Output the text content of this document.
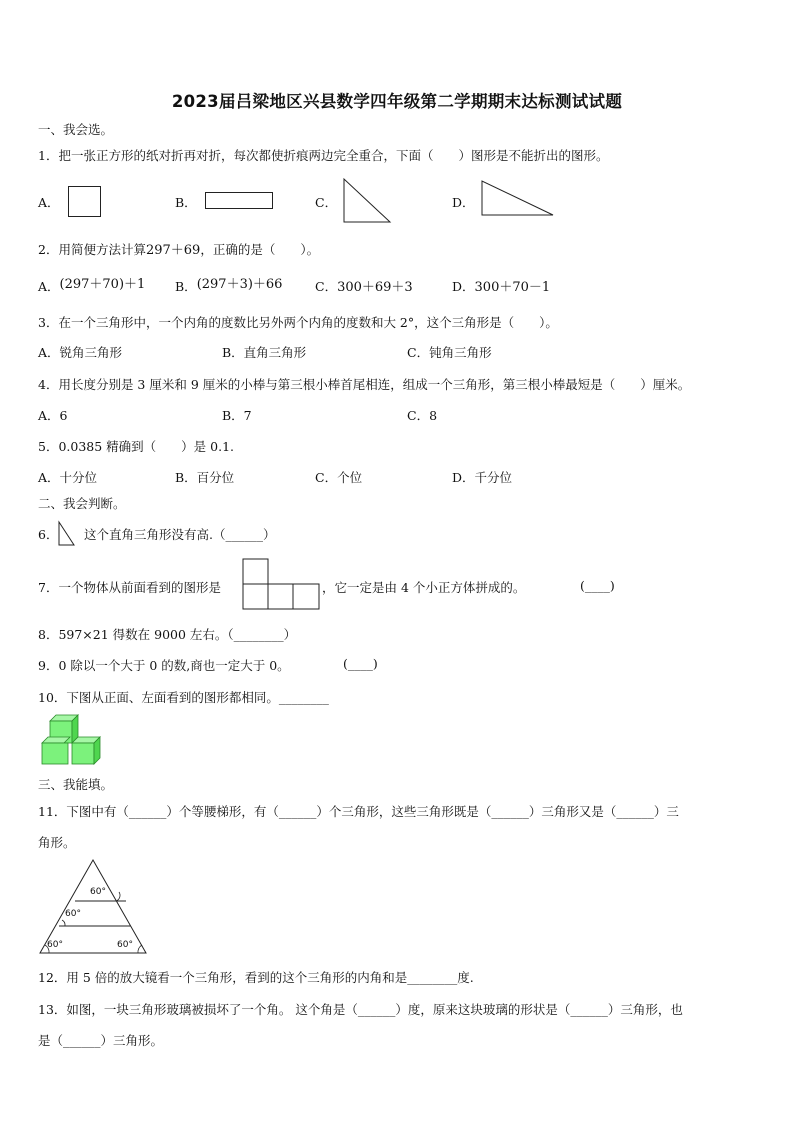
2023届吕梁地区兴县数学四年级第二学期期末达标测试试题
一、我会选。
1．把一张正方形的纸对折再对折，每次都使折痕两边完全重合，下面（　　）图形是不能折出的图形。
A．	B．	C．	D．
2．用简便方法计算297＋69，正确的是（　　）。
A．(297＋70)＋1 B．(297＋3)＋66	C．300＋69＋3	D．300＋70－1
3．在一个三角形中，一个内角的度数比另外两个内角的度数和大 2°，这个三角形是（　　）。
A．锐角三角形	B．直角三角形	C．钝角三角形
4．用长度分别是 3 厘米和 9 厘米的小棒与第三根小棒首尾相连，组成一个三角形，第三根小棒最短是（　　）厘米。
A．6	B．7	C．8
5．0.0385 精确到（　　）是 0.1.
A．十分位	B．百分位	C．个位	D．千分位
二、我会判断。
6． 这个直角三角形没有高.（______）
7．一个物体从前面看到的图形是	，它一定是由 4 个小正方体拼成的。	(____)
8．597×21 得数在 9000 左右。（________）
9．0 除以一个大于 0 的数,商也一定大于 0。	(____)
10．下图从正面、左面看到的图形都相同。________
三、我能填。
11．下图中有（______）个等腰梯形，有（______）个三角形，这些三角形既是（______）三角形又是（______）三
角形。
60°
60°
60°	60°
12．用 5 倍的放大镜看一个三角形，看到的这个三角形的内角和是________度.
13．如图，一块三角形玻璃被损坏了一个角。 这个角是（______）度，原来这块玻璃的形状是（______）三角形，也
是（______）三角形。
